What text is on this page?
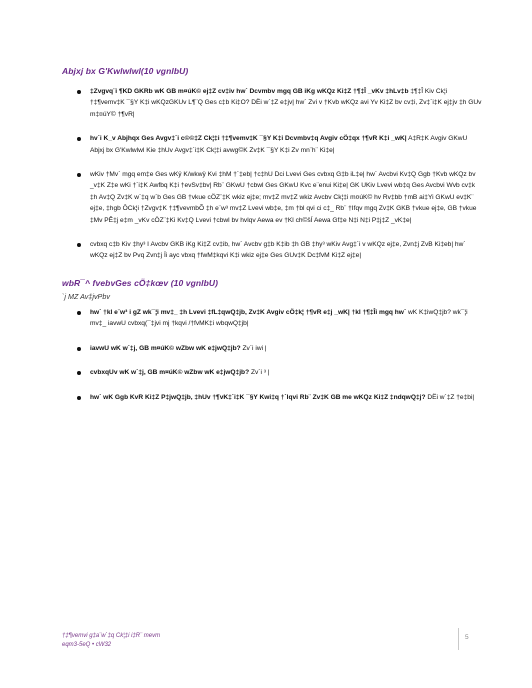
Abjxj bx G'Kwlwlwl(10 vgnlbU)
‡Zvgvq¨i ¶KD GKRb wK GB m¤úK© ej‡Z cv‡iv hw` Dcvmbv mgq GB iKg wKQz Ki‡Z †¶‡Î _vKv ‡hLv‡b ‡¶‡Î Kiv Ck¦i †‡¶vemv‡K ¯§Y K‡i wKQzGKUv L¶¨Q Ges c‡b Ki‡O? DËi w`‡Z e‡jv| hw` Zvi v †Kvb wKQz avi Yv Ki‡Z bv cv‡i, Zv‡`i‡K ej‡jv ‡h GUv m‡¤úY© †¶vR|
hv`i K_v Abjhqx Ges Avgv‡`i c©©‡Z Ck¦‡i †‡¶vemv‡K ¯§Y K‡i Dcvmbv‡q Avgiv cÖ‡qx †¶vR K‡i _wK| A‡R‡K Avgiv GKwU Abjxj bx G'Kwlwlwl Kie ‡hUv Avgv‡`i‡K Ck¦‡i avwg©K Zv‡K ¯§Y K‡i Zv mn¨h¨ Ki‡e|
wKiv †Mv` mgq em‡e Ges wKÿ K/wkwÿ Kvi ‡hM †`‡eb| †c‡hU Dci Lvevi Ges cvbxq G‡b iL‡e| hw` Avcbvi Kv‡Q Ggb †Kvb wKQz bv _v‡K Z‡e wKi †`i‡K Awfbq K‡i †evSv‡bv| Rb¨ GKwU †cbwl Ges GKwU Kvc e¨enui Ki‡e| GK UKiv Lvevi wb‡q Ges Avcbvi Wvb cv‡k ‡h Av‡Q Zv‡K w`‡q w`b Ges GB †vkue cÖZ¨‡K wkiz ej‡e; mv‡Z mv‡Z wkiz Avcbv Ck¦‡i m¤úK© hv Rv‡bb †mB ai‡Yi GKwU ev‡K¨ ej‡e, ‡hgb ÔCk¦i †Zvgv‡K †‡¶vevmbÕ ‡h e¨w³ mv‡Z Lvevi wb‡e, ‡m †bl qvi ci c‡_ Rb¨ †Ifqv mgq Zv‡K GKB †vkue ej‡e, GB †vkue ‡Mv PÊ‡j e‡m _vKv cÖZ¨‡Ki Kv‡Q Lvevi †cbwl bv hvlqv Aewa ev †Kl ch©šÍ Aewa Gf‡e N‡i N‡i P‡j‡Z _vK‡e|
cvbxq c‡b Kiv ‡hy³ I Avcbv GKB iKg Ki‡Z cv‡ib, hw` Avcbv g‡b K‡ib ‡h GB ‡hy³ wKiv Avg‡`i v wKQz ej‡e, Zvn‡j ZvB Ki‡eb| hw` wKQz ej‡Z bv Pvq Zvn‡j Ïi ayc vbxq †fwM‡kqvi K‡i wkiz ej‡e Ges GUv‡K Dc‡fvM Ki‡Z ej‡e|
wbR¯^ fvebvGes cÖ‡kœv (10 vgnlbU)
`j MZ Av‡jvPbv
hw` †kl e¨w³ i gZ wk¯¦i mv‡_ ‡h Lvevi ‡fL‡qwQ‡jb, Zv‡K Avgiv cÖ‡k¦ †¶vR e‡j _wK| †kl †¶‡Îi mgq hw` wK K‡iwQ‡jb? wk¯¦i mv‡_ iavwU cvbxq(¯‡jvi mj †kqvi /†fvMK‡i wbqwQ‡jb|
iavwU wK w`‡j, GB m¤úK© wZbw wK e‡jwQ‡jb? Zv`i iwi |
cvbxqUv wK w`‡j, GB m¤úK© wZbw wK e‡jwQ‡jb? Zv`i ³ |
hw` wK Ggb KvR Ki‡Z P‡jwQ‡jb, ‡hUv †¶vK‡`i‡K ¯§Y Kwi‡q †`Iqvi Rb¨ Zv‡K GB me wKQz Ki‡Z ‡ndqwQ‡j? DËi w`‡Z †e‡bi|
†‡¶vemvi g‡a¨w`‡q Ck¦‡i i‡R¨ mevm
eqm3-5eQ • cW32
5
